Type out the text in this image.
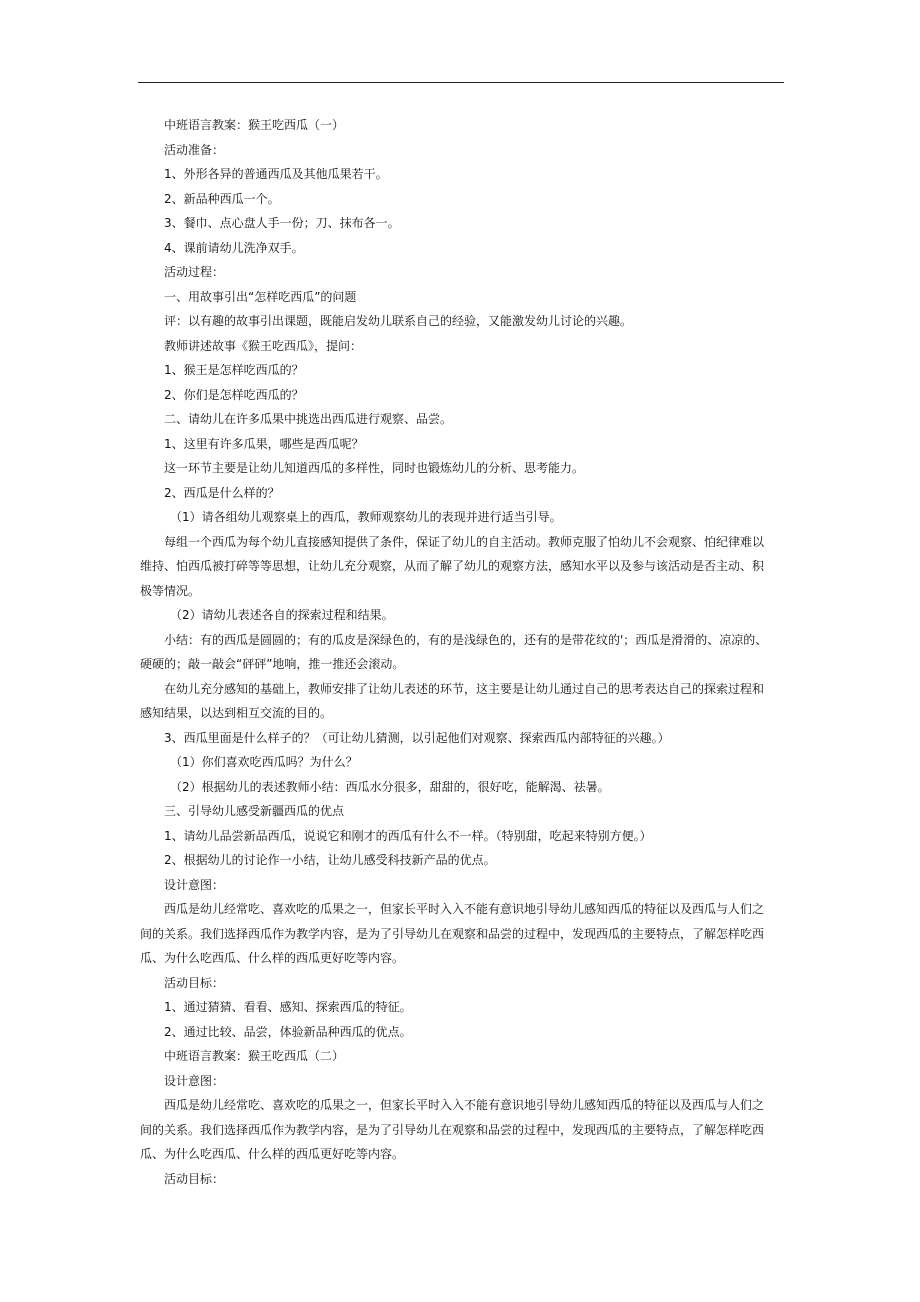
中班语言教案：猴王吃西瓜（一）

活动准备：

1、外形各异的普通西瓜及其他瓜果若干。

2、新品种西瓜一个。

3、餐巾、点心盘人手一份；刀、抹布各一。

4、课前请幼儿洗净双手。

活动过程：

一、用故事引出“怎样吃西瓜”的问题

评：以有趣的故事引出课题，既能启发幼儿联系自己的经验，又能激发幼儿讨论的兴趣。

教师讲述故事《猴王吃西瓜》，提问：

1、猴王是怎样吃西瓜的？

2、你们是怎样吃西瓜的？

二、请幼儿在许多瓜果中挑选出西瓜进行观察、品尝。

1、这里有许多瓜果，哪些是西瓜呢？

这一环节主要是让幼儿知道西瓜的多样性，同时也锻炼幼儿的分析、思考能力。

2、西瓜是什么样的？

（1）请各组幼儿观察桌上的西瓜，教师观察幼儿的表现并进行适当引导。

每组一个西瓜为每个幼儿直接感知提供了条件，保证了幼儿的自主活动。教师克服了怕幼儿不会观察、怕纪律难以

维持、怕西瓜被打碎等等思想，让幼儿充分观察，从而了解了幼儿的观察方法，感知水平以及参与该活动是否主动、积

极等情况。

（2）请幼儿表述各自的探索过程和结果。

小结：有的西瓜是圆圆的；有的瓜皮是深绿色的，有的是浅绿色的，还有的是带花纹的'；西瓜是滑滑的、凉凉的、

硬硬的；敲一敲会“砰砰”地响，推一推还会滚动。

在幼儿充分感知的基础上，教师安排了让幼儿表述的环节，这主要是让幼儿通过自己的思考表达自己的探索过程和

感知结果，以达到相互交流的目的。

3、西瓜里面是什么样子的？（可让幼儿猜测，以引起他们对观察、探索西瓜内部特征的兴趣。）

（1）你们喜欢吃西瓜吗？为什么？

（2）根据幼儿的表述教师小结：西瓜水分很多，甜甜的，很好吃，能解渴、祛暑。

三、引导幼儿感受新疆西瓜的优点

1、请幼儿品尝新品西瓜，说说它和刚才的西瓜有什么不一样。（特别甜，吃起来特别方便。）

2、根据幼儿的讨论作一小结，让幼儿感受科技新产品的优点。

设计意图：

西瓜是幼儿经常吃、喜欢吃的瓜果之一，但家长平时入入不能有意识地引导幼儿感知西瓜的特征以及西瓜与人们之

间的关系。我们选择西瓜作为教学内容，是为了引导幼儿在观察和品尝的过程中，发现西瓜的主要特点，了解怎样吃西

瓜、为什么吃西瓜、什么样的西瓜更好吃等内容。

活动目标：

1、通过猜猜、看看、感知、探索西瓜的特征。

2、通过比较、品尝，体验新品种西瓜的优点。

中班语言教案：猴王吃西瓜（二）

设计意图：

西瓜是幼儿经常吃、喜欢吃的瓜果之一，但家长平时入入不能有意识地引导幼儿感知西瓜的特征以及西瓜与人们之

间的关系。我们选择西瓜作为教学内容，是为了引导幼儿在观察和品尝的过程中，发现西瓜的主要特点，了解怎样吃西

瓜、为什么吃西瓜、什么样的西瓜更好吃等内容。

活动目标：
